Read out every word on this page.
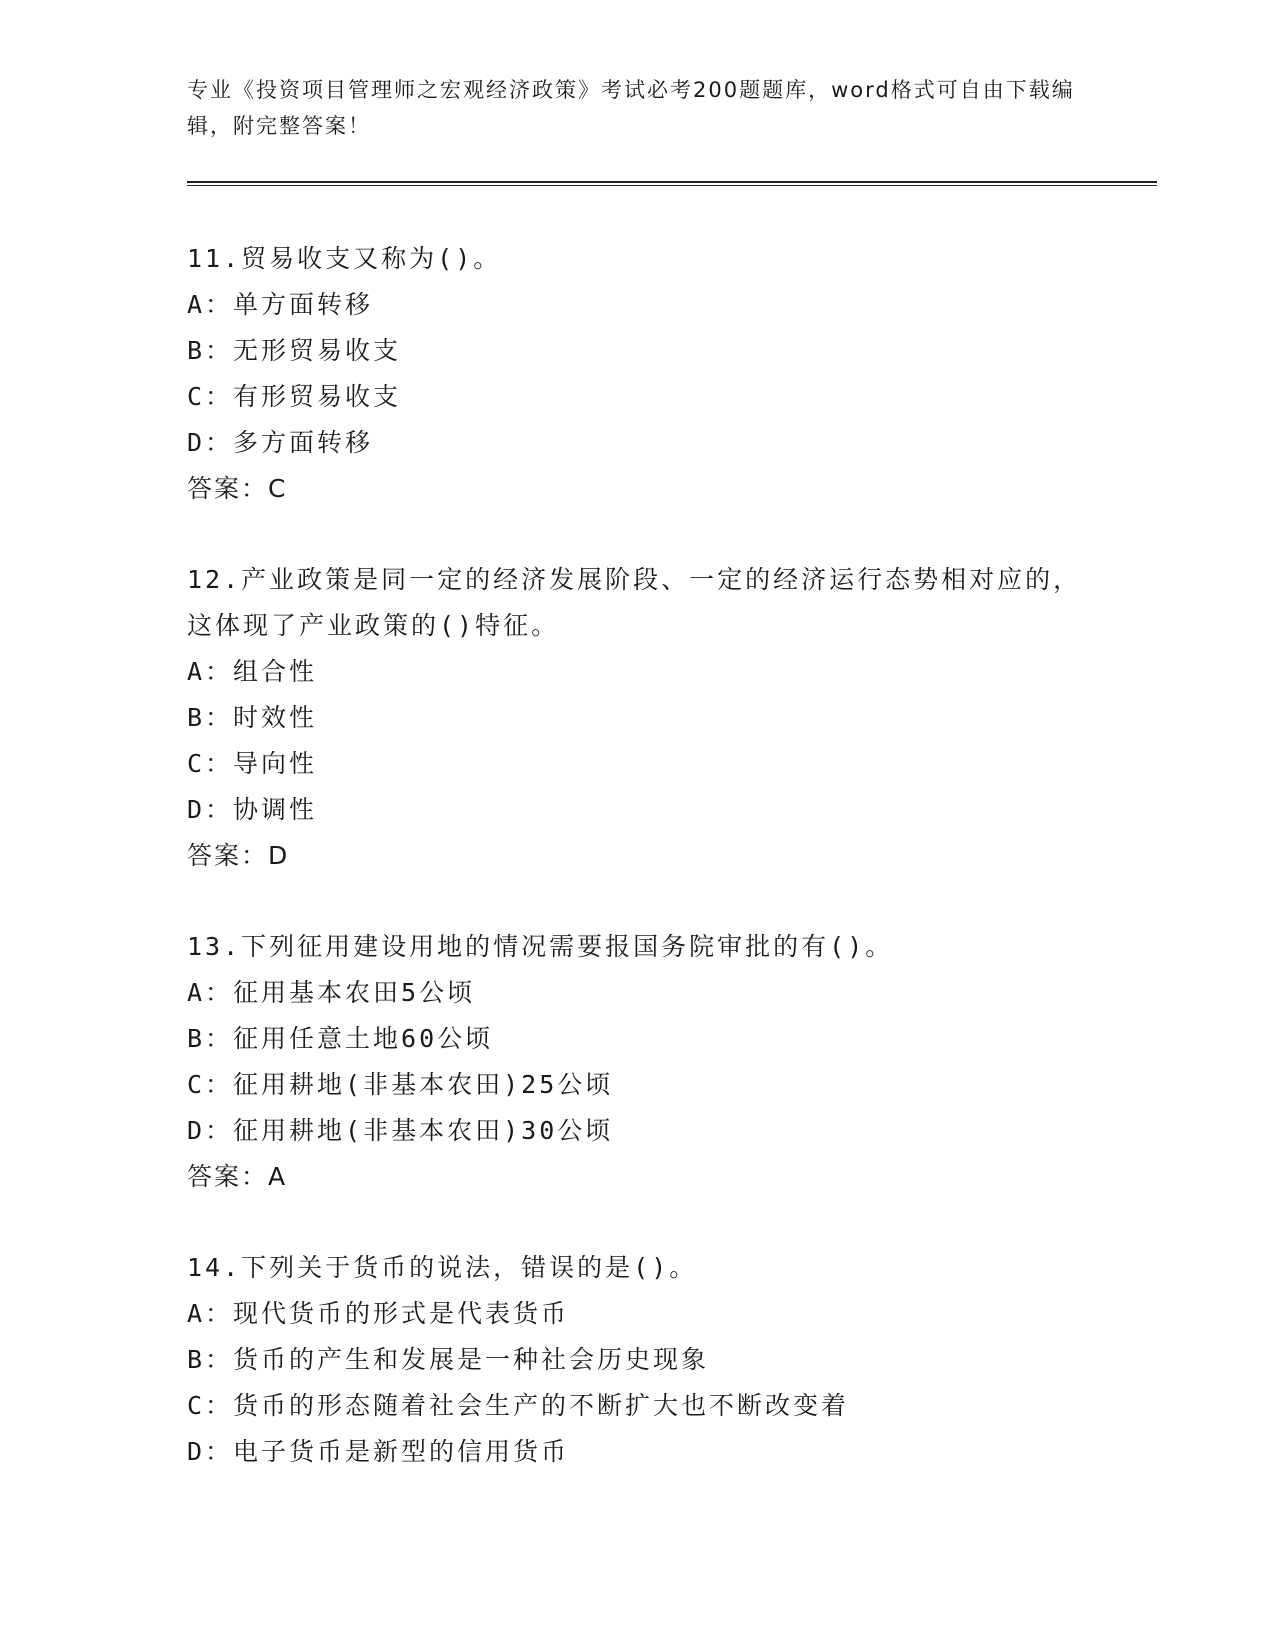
专业《投资项目管理师之宏观经济政策》考试必考200题题库，word格式可自由下载编辑，附完整答案！

11.贸易收支又称为()。
A：单方面转移
B：无形贸易收支
C：有形贸易收支
D：多方面转移
答案：C
12.产业政策是同一定的经济发展阶段、一定的经济运行态势相对应的，这体现了产业政策的()特征。
A：组合性
B：时效性
C：导向性
D：协调性
答案：D
13.下列征用建设用地的情况需要报国务院审批的有()。
A：征用基本农田5公顷
B：征用任意土地60公顷
C：征用耕地(非基本农田)25公顷
D：征用耕地(非基本农田)30公顷
答案：A
14.下列关于货币的说法，错误的是()。
A：现代货币的形式是代表货币
B：货币的产生和发展是一种社会历史现象
C：货币的形态随着社会生产的不断扩大也不断改变着
D：电子货币是新型的信用货币
